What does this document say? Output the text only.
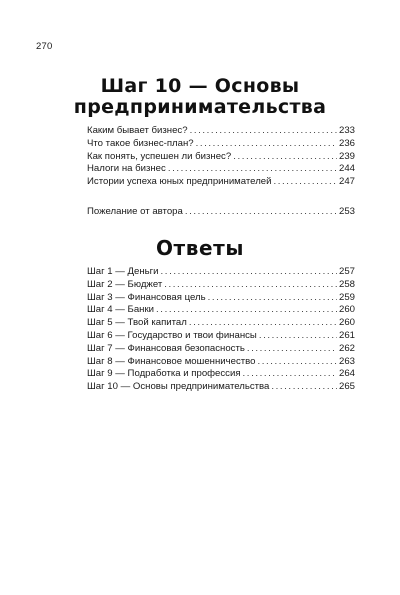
270
Шаг 10 — Основы
предпринимательства
Каким бывает бизнес? .....	233
Что такое бизнес-план? .....	236
Как понять, успешен ли бизнес? .....	239
Налоги на бизнес .....	244
Истории успеха юных предпринимателей .....	247
Пожелание от автора .....	253
Ответы
Шаг 1 — Деньги .....	257
Шаг 2 — Бюджет .....	258
Шаг 3 — Финансовая цель .....	259
Шаг 4 — Банки .....	260
Шаг 5 — Твой капитал .....	260
Шаг 6 — Государство и твои финансы .....	261
Шаг 7 — Финансовая безопасность .....	262
Шаг 8 — Финансовое мошенничество .....	263
Шаг 9 — Подработка и профессия .....	264
Шаг 10 — Основы предпринимательства .....	265
